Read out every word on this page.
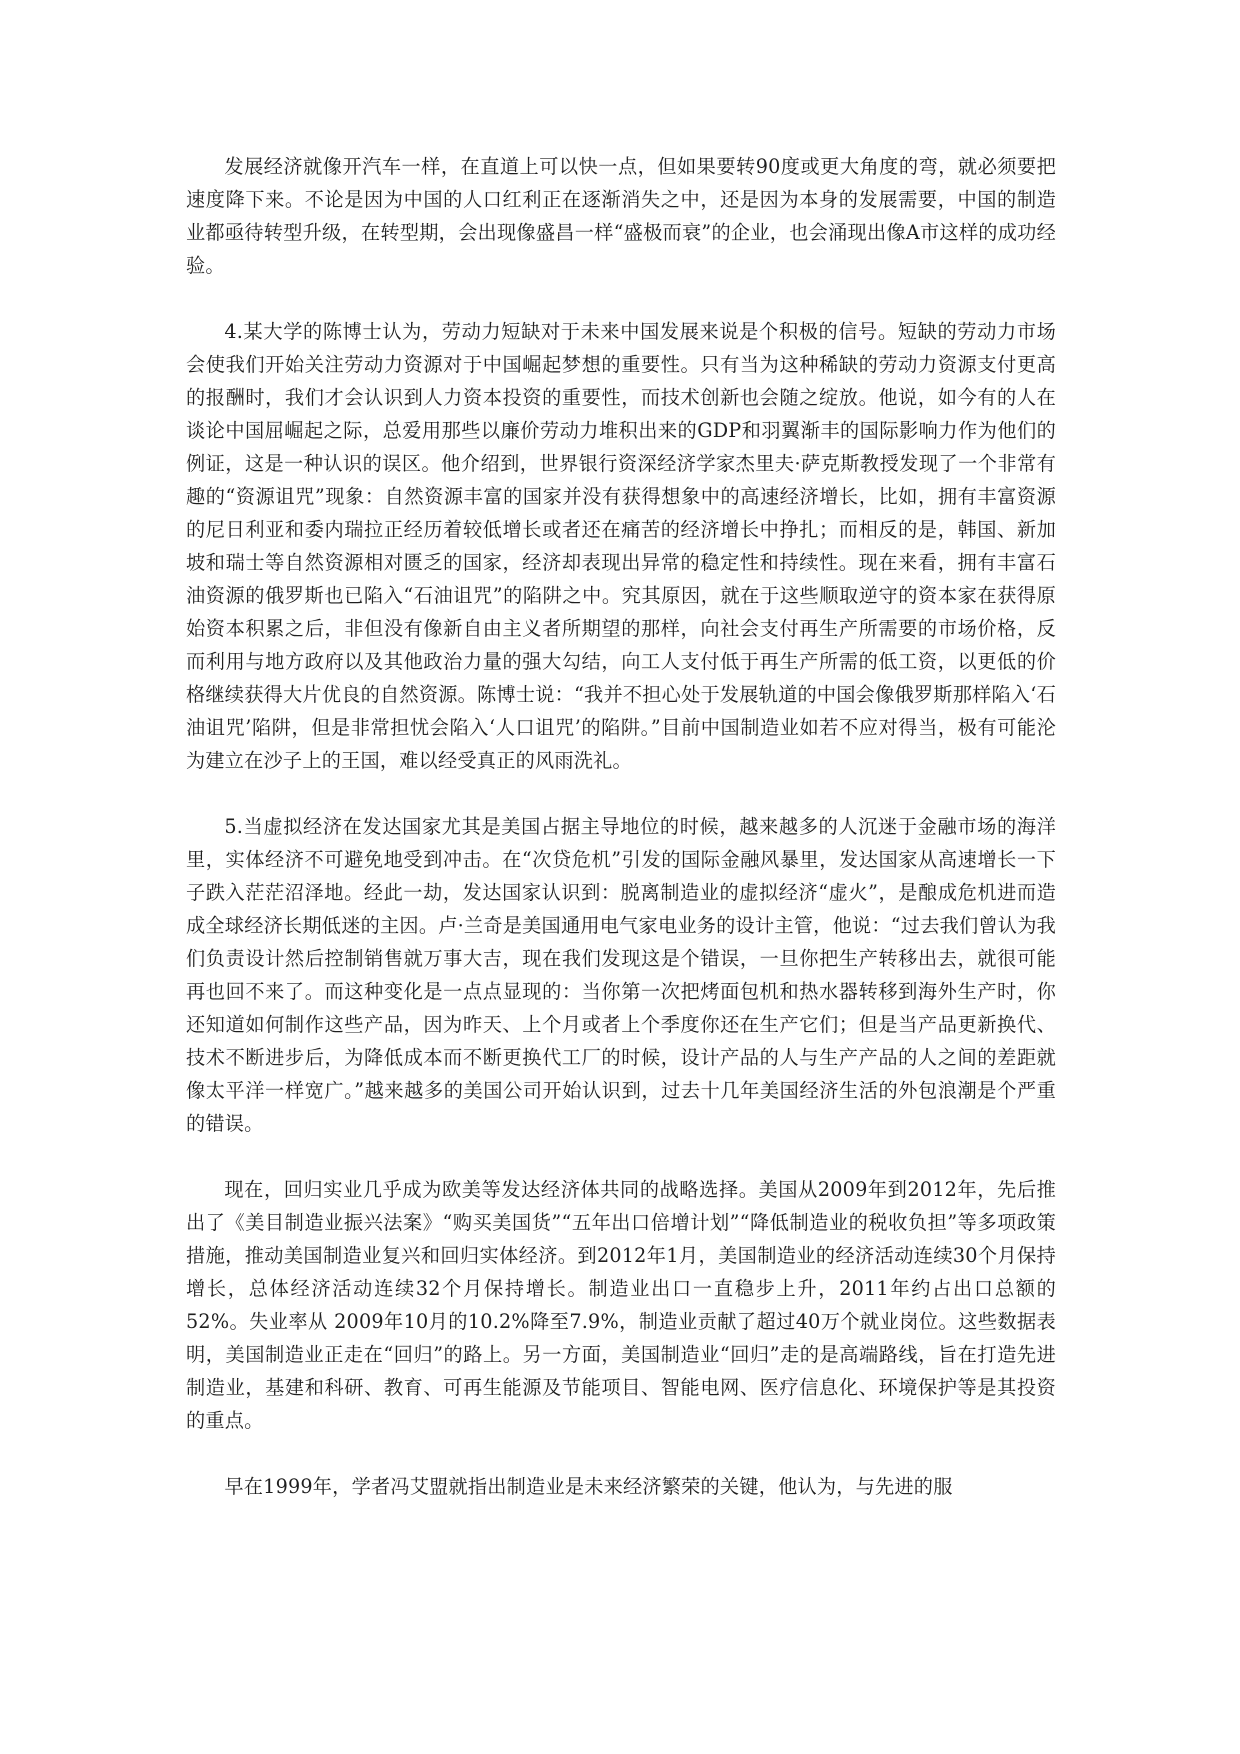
发展经济就像开汽车一样，在直道上可以快一点，但如果要转90度或更大角度的弯，就必须要把速度降下来。不论是因为中国的人口红利正在逐渐消失之中，还是因为本身的发展需要，中国的制造业都亟待转型升级，在转型期，会出现像盛昌一样“盛极而衰”的企业，也会涌现出像A市这样的成功经验。

4.某大学的陈博士认为，劳动力短缺对于未来中国发展来说是个积极的信号。短缺的劳动力市场会使我们开始关注劳动力资源对于中国崛起梦想的重要性。只有当为这种稀缺的劳动力资源支付更高的报酬时，我们才会认识到人力资本投资的重要性，而技术创新也会随之绽放。他说，如今有的人在谈论中国屈崛起之际，总爱用那些以廉价劳动力堆积出来的GDP和羽翼渐丰的国际影响力作为他们的例证，这是一种认识的误区。他介绍到，世界银行资深经济学家杰里夫·萨克斯教授发现了一个非常有趣的“资源诅咒”现象：自然资源丰富的国家并没有获得想象中的高速经济增长，比如，拥有丰富资源的尼日利亚和委内瑞拉正经历着较低增长或者还在痛苦的经济增长中挣扎；而相反的是，韩国、新加坡和瑞士等自然资源相对匮乏的国家，经济却表现出异常的稳定性和持续性。现在来看，拥有丰富石油资源的俄罗斯也已陷入“石油诅咒”的陷阱之中。究其原因，就在于这些顺取逆守的资本家在获得原始资本积累之后，非但没有像新自由主义者所期望的那样，向社会支付再生产所需要的市场价格，反而利用与地方政府以及其他政治力量的强大勾结，向工人支付低于再生产所需的低工资，以更低的价格继续获得大片优良的自然资源。陈博士说：“我并不担心处于发展轨道的中国会像俄罗斯那样陷入‘石油诅咒’陷阱，但是非常担忧会陷入‘人口诅咒’的陷阱。”目前中国制造业如若不应对得当，极有可能沦为建立在沙子上的王国，难以经受真正的风雨洗礼。

5.当虚拟经济在发达国家尤其是美国占据主导地位的时候，越来越多的人沉迷于金融市场的海洋里，实体经济不可避免地受到冲击。在“次贷危机”引发的国际金融风暴里，发达国家从高速增长一下子跌入茫茫沼泽地。经此一劫，发达国家认识到：脱离制造业的虚拟经济“虚火”，是酿成危机进而造成全球经济长期低迷的主因。卢·兰奇是美国通用电气家电业务的设计主管，他说：“过去我们曾认为我们负责设计然后控制销售就万事大吉，现在我们发现这是个错误，一旦你把生产转移出去，就很可能再也回不来了。而这种变化是一点点显现的：当你第一次把烤面包机和热水器转移到海外生产时，你还知道如何制作这些产品，因为昨天、上个月或者上个季度你还在生产它们；但是当产品更新换代、技术不断进步后，为降低成本而不断更换代工厂的时候，设计产品的人与生产产品的人之间的差距就像太平洋一样宽广。”越来越多的美国公司开始认识到，过去十几年美国经济生活的外包浪潮是个严重的错误。

现在，回归实业几乎成为欧美等发达经济体共同的战略选择。美国从2009年到2012年，先后推出了《美目制造业振兴法案》“购买美国货”“五年出口倍增计划”“降低制造业的税收负担”等多项政策措施，推动美国制造业复兴和回归实体经济。到2012年1月，美国制造业的经济活动连续30个月保持增长，总体经济活动连续32个月保持增长。制造业出口一直稳步上升，2011年约占出口总额的52%。失业率从 2009年10月的10.2%降至7.9%，制造业贡献了超过40万个就业岗位。这些数据表明，美国制造业正走在“回归”的路上。另一方面，美国制造业“回归”走的是高端路线，旨在打造先进制造业，基建和科研、教育、可再生能源及节能项目、智能电网、医疗信息化、环境保护等是其投资的重点。

早在1999年，学者冯艾盟就指出制造业是未来经济繁荣的关键，他认为，与先进的服
